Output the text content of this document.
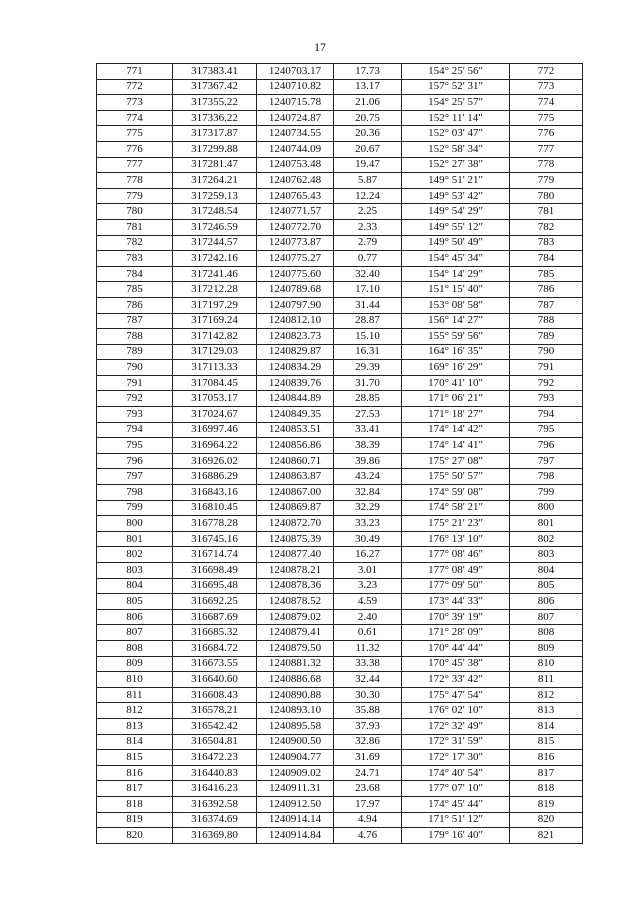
17
771	317383.41	1240703.17	17.73	154° 25' 56"	772
772	317367.42	1240710.82	13.17	157° 52' 31"	773
773	317355.22	1240715.78	21.06	154° 25' 57"	774
774	317336.22	1240724.87	20.75	152° 11' 14"	775
775	317317.87	1240734.55	20.36	152° 03' 47"	776
776	317299.88	1240744.09	20.67	152° 58' 34"	777
777	317281.47	1240753.48	19.47	152° 27' 38"	778
778	317264.21	1240762.48	5.87	149° 51' 21"	779
779	317259.13	1240765.43	12.24	149° 53' 42"	780
780	317248.54	1240771.57	2.25	149° 54' 29"	781
781	317246.59	1240772.70	2.33	149° 55' 12"	782
782	317244.57	1240773.87	2.79	149° 50' 49"	783
783	317242.16	1240775.27	0.77	154° 45' 34"	784
784	317241.46	1240775.60	32.40	154° 14' 29"	785
785	317212.28	1240789.68	17.10	151° 15' 40"	786
786	317197.29	1240797.90	31.44	153° 08' 58"	787
787	317169.24	1240812.10	28.87	156° 14' 27"	788
788	317142.82	1240823.73	15.10	155° 59' 56"	789
789	317129.03	1240829.87	16.31	164° 16' 35"	790
790	317113.33	1240834.29	29.39	169° 16' 29"	791
791	317084.45	1240839.76	31.70	170° 41' 10"	792
792	317053.17	1240844.89	28.85	171° 06' 21"	793
793	317024.67	1240849.35	27.53	171° 18' 27"	794
794	316997.46	1240853.51	33.41	174° 14' 42"	795
795	316964.22	1240856.86	38.39	174° 14' 41"	796
796	316926.02	1240860.71	39.86	175° 27' 08"	797
797	316886.29	1240863.87	43.24	175° 50' 57"	798
798	316843.16	1240867.00	32.84	174° 59' 08"	799
799	316810.45	1240869.87	32.29	174° 58' 21"	800
800	316778.28	1240872.70	33.23	175° 21' 23"	801
801	316745.16	1240875.39	30.49	176° 13' 10"	802
802	316714.74	1240877.40	16.27	177° 08' 46"	803
803	316698.49	1240878.21	3.01	177° 08' 49"	804
804	316695.48	1240878.36	3.23	177° 09' 50"	805
805	316692.25	1240878.52	4.59	173° 44' 33"	806
806	316687.69	1240879.02	2.40	170° 39' 19"	807
807	316685.32	1240879.41	0.61	171° 28' 09"	808
808	316684.72	1240879.50	11.32	170° 44' 44"	809
809	316673.55	1240881.32	33.38	170° 45' 38"	810
810	316640.60	1240886.68	32.44	172° 33' 42"	811
811	316608.43	1240890.88	30.30	175° 47' 54"	812
812	316578.21	1240893.10	35.88	176° 02' 10"	813
813	316542.42	1240895.58	37.93	172° 32' 49"	814
814	316504.81	1240900.50	32.86	172° 31' 59"	815
815	316472.23	1240904.77	31.69	172° 17' 30"	816
816	316440.83	1240909.02	24.71	174° 40' 54"	817
817	316416.23	1240911.31	23.68	177° 07' 10"	818
818	316392.58	1240912.50	17.97	174° 45' 44"	819
819	316374.69	1240914.14	4.94	171° 51' 12"	820
820	316369.80	1240914.84	4.76	179° 16' 40"	821
